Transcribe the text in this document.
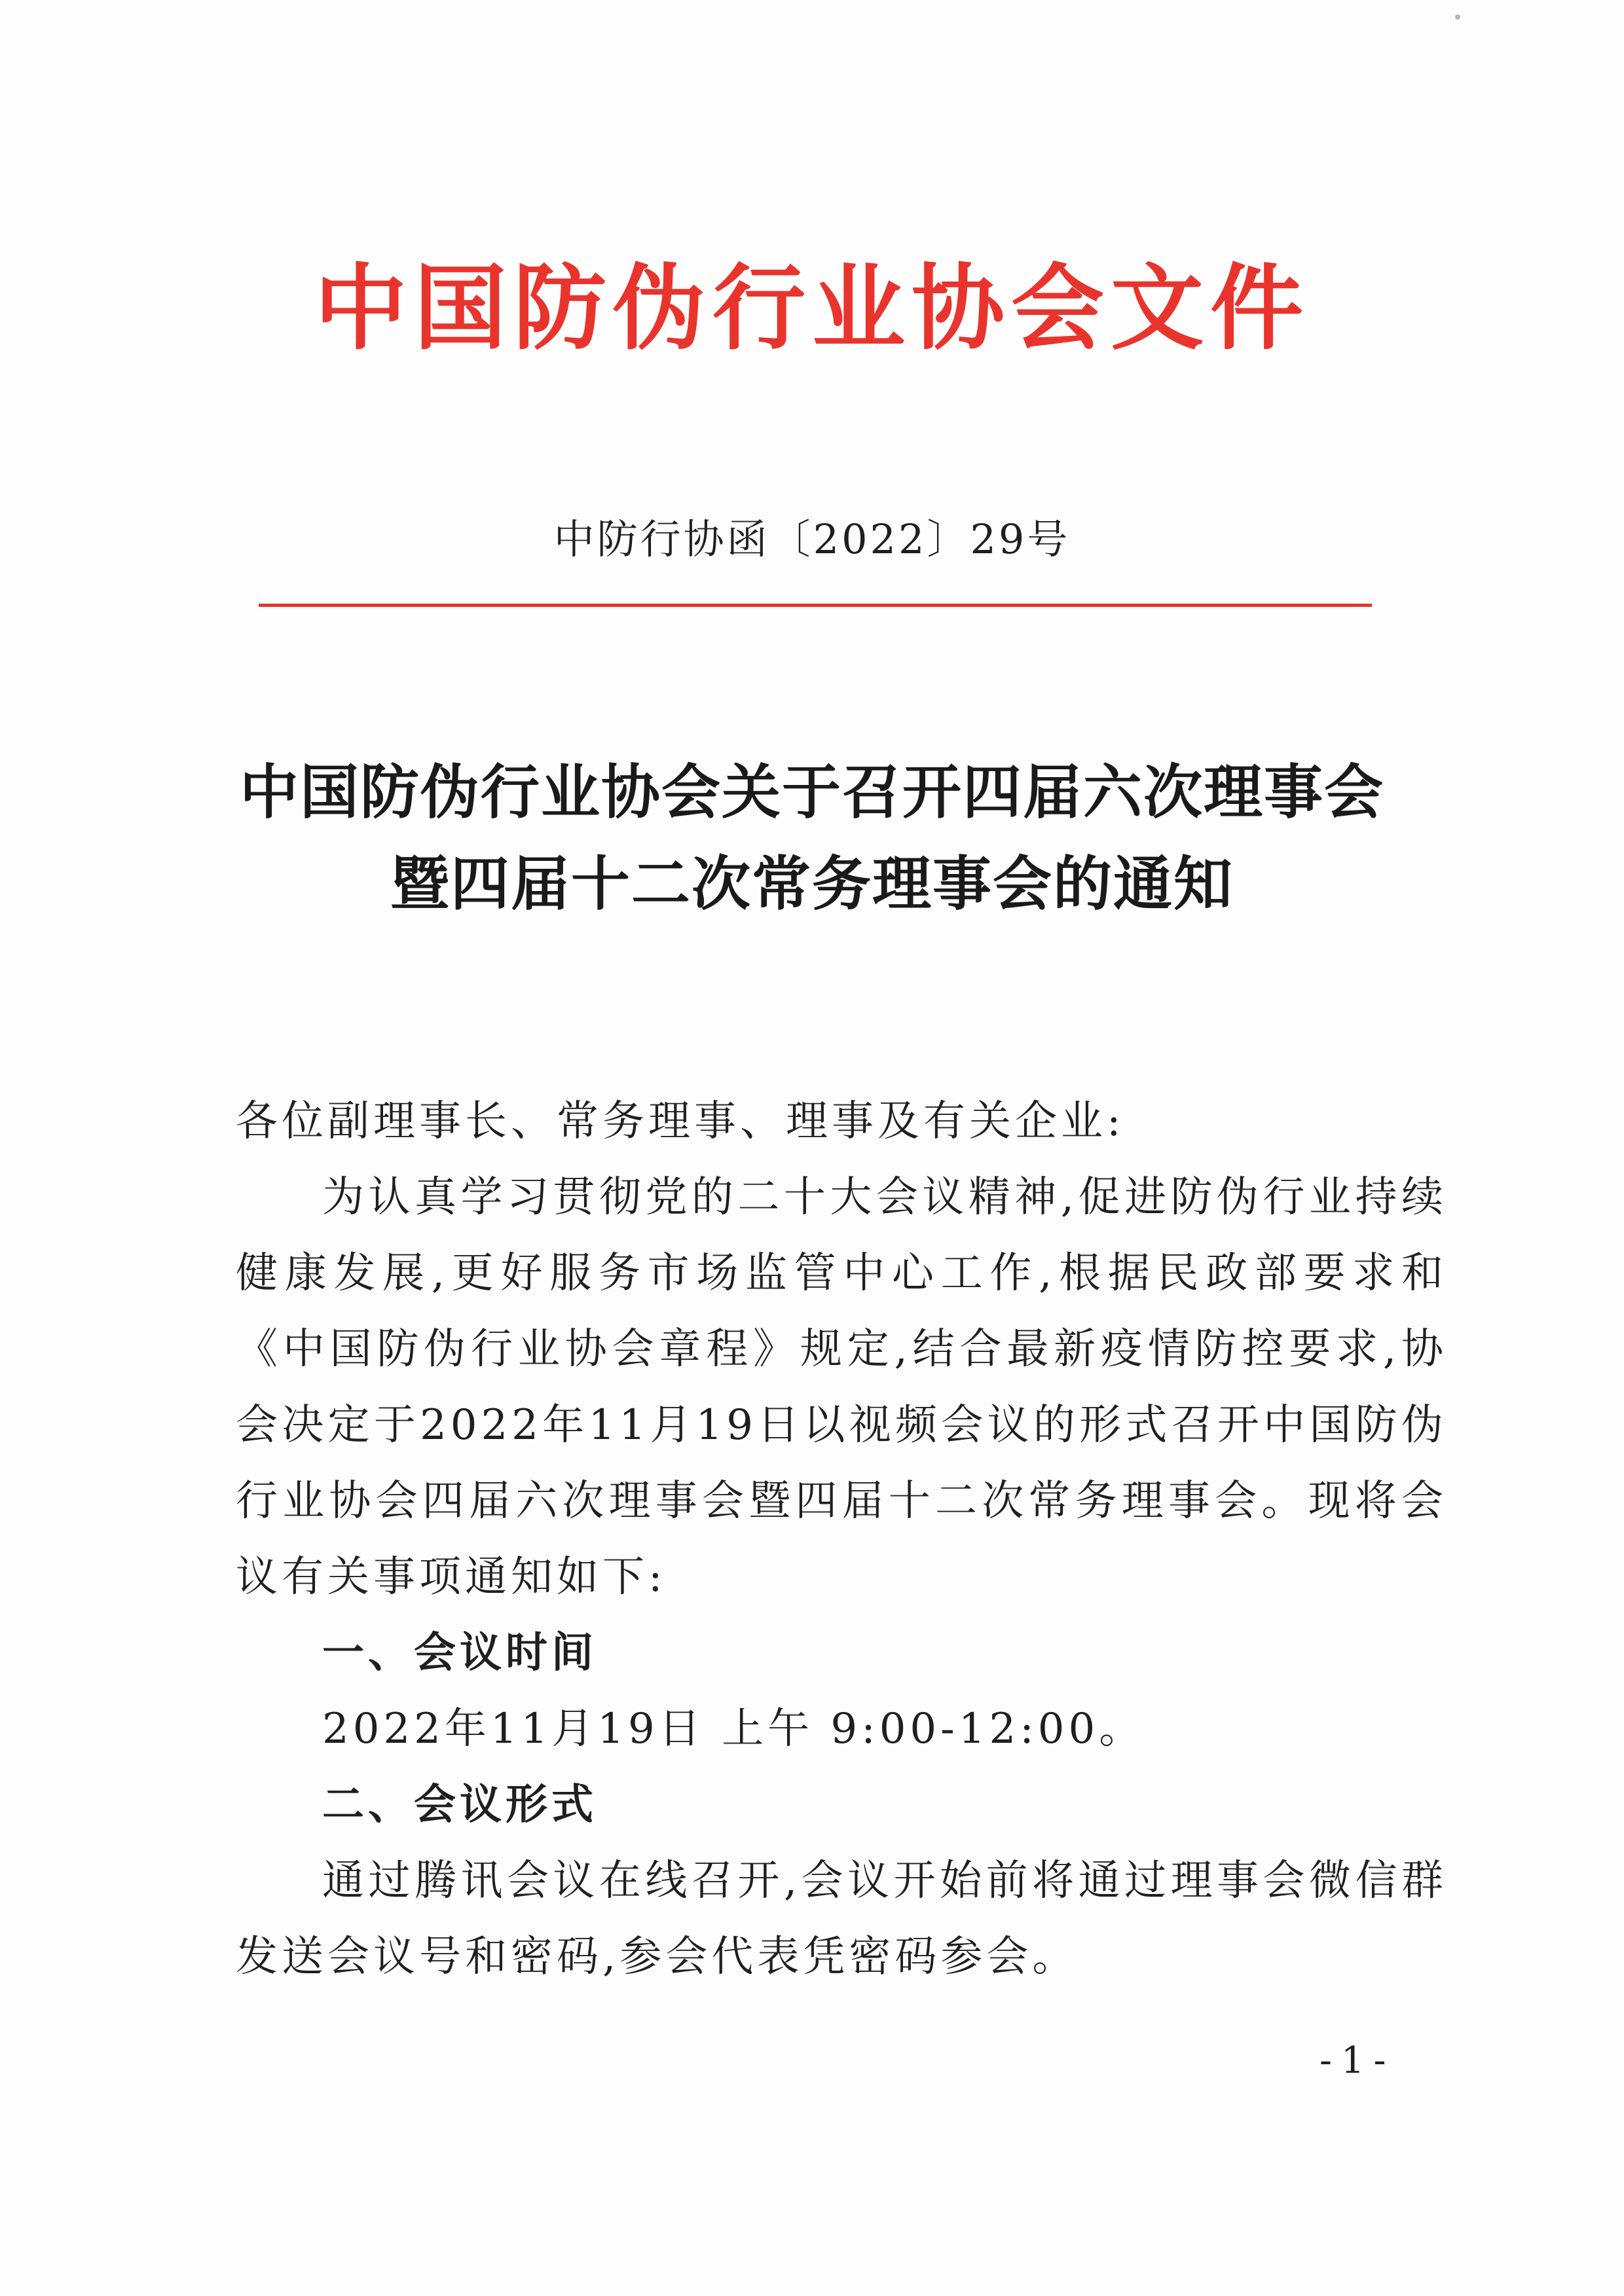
中国防伪行业协会文件
中防行协函〔2022〕29号
中国防伪行业协会关于召开四届六次理事会
暨四届十二次常务理事会的通知

各位副理事长、常务理事、理事及有关企业:

为认真学习贯彻党的二十大会议精神,促进防伪行业持续健康发展,更好服务市场监管中心工作,根据民政部要求和《中国防伪行业协会章程》规定,结合最新疫情防控要求,协会决定于2022年11月19日以视频会议的形式召开中国防伪行业协会四届六次理事会暨四届十二次常务理事会。现将会议有关事项通知如下:

一、会议时间

2022年11月19日 上午 9:00-12:00。

二、会议形式

通过腾讯会议在线召开,会议开始前将通过理事会微信群发送会议号和密码,参会代表凭密码参会。

-1-
